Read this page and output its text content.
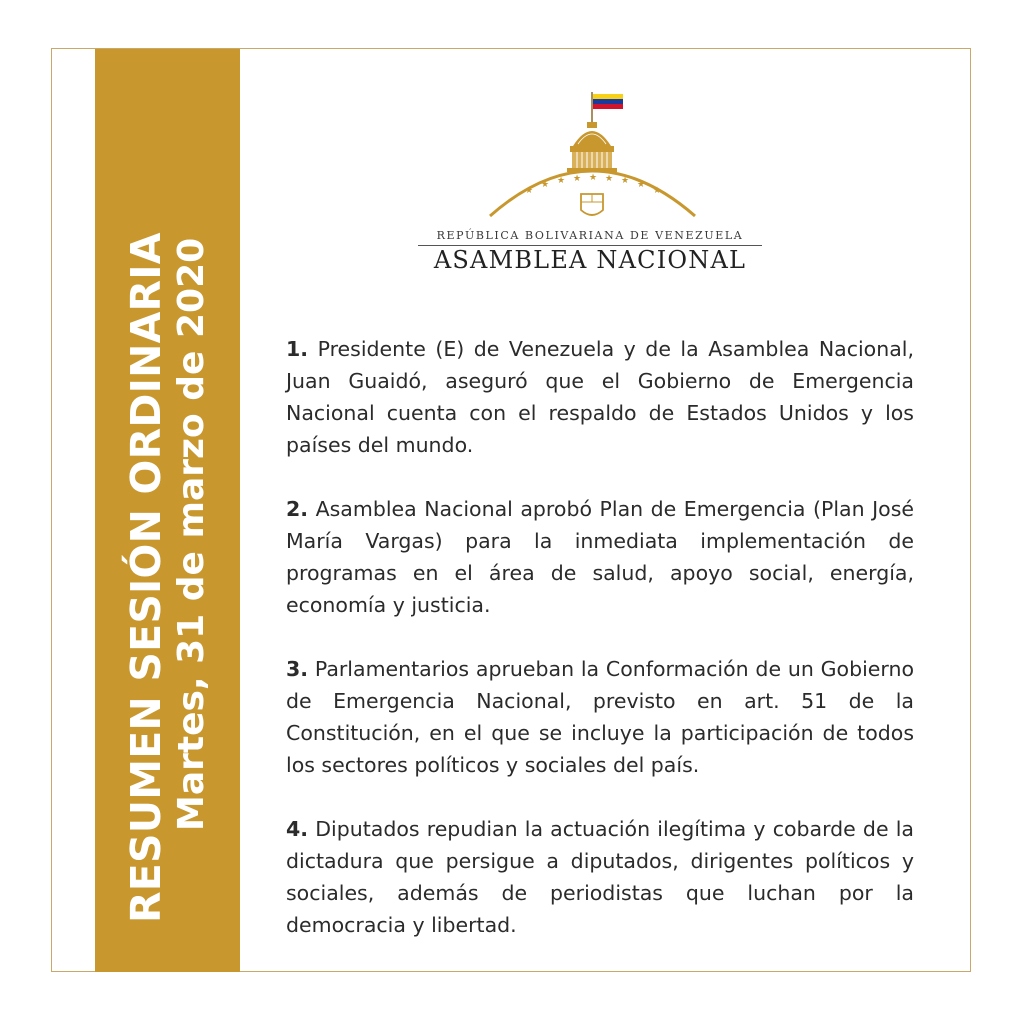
RESUMEN SESIÓN ORDINARIA Martes, 31 de marzo de 2020
★
★ ★ ★ ★ ★ ★ ★
★
REPÚBLICA BOLIVARIANA DE VENEZUELA
ASAMBLEA NACIONAL

1. Presidente (E) de Venezuela y de la Asamblea Nacional, Juan Guaidó, aseguró que el Gobierno de Emergencia Nacional cuenta con el respaldo de Estados Unidos y los países del mundo.

2. Asamblea Nacional aprobó Plan de Emergencia (Plan José María Vargas) para la inmediata implementación de programas en el área de salud, apoyo social, energía, economía y justicia.

3. Parlamentarios aprueban la Conformación de un Gobierno de Emergencia Nacional, previsto en art. 51 de la Constitución, en el que se incluye la participación de todos los sectores políticos y sociales del país.

4. Diputados repudian la actuación ilegítima y cobarde de la dictadura que persigue a diputados, dirigentes políticos y sociales, además de periodistas que luchan por la democracia y libertad.
